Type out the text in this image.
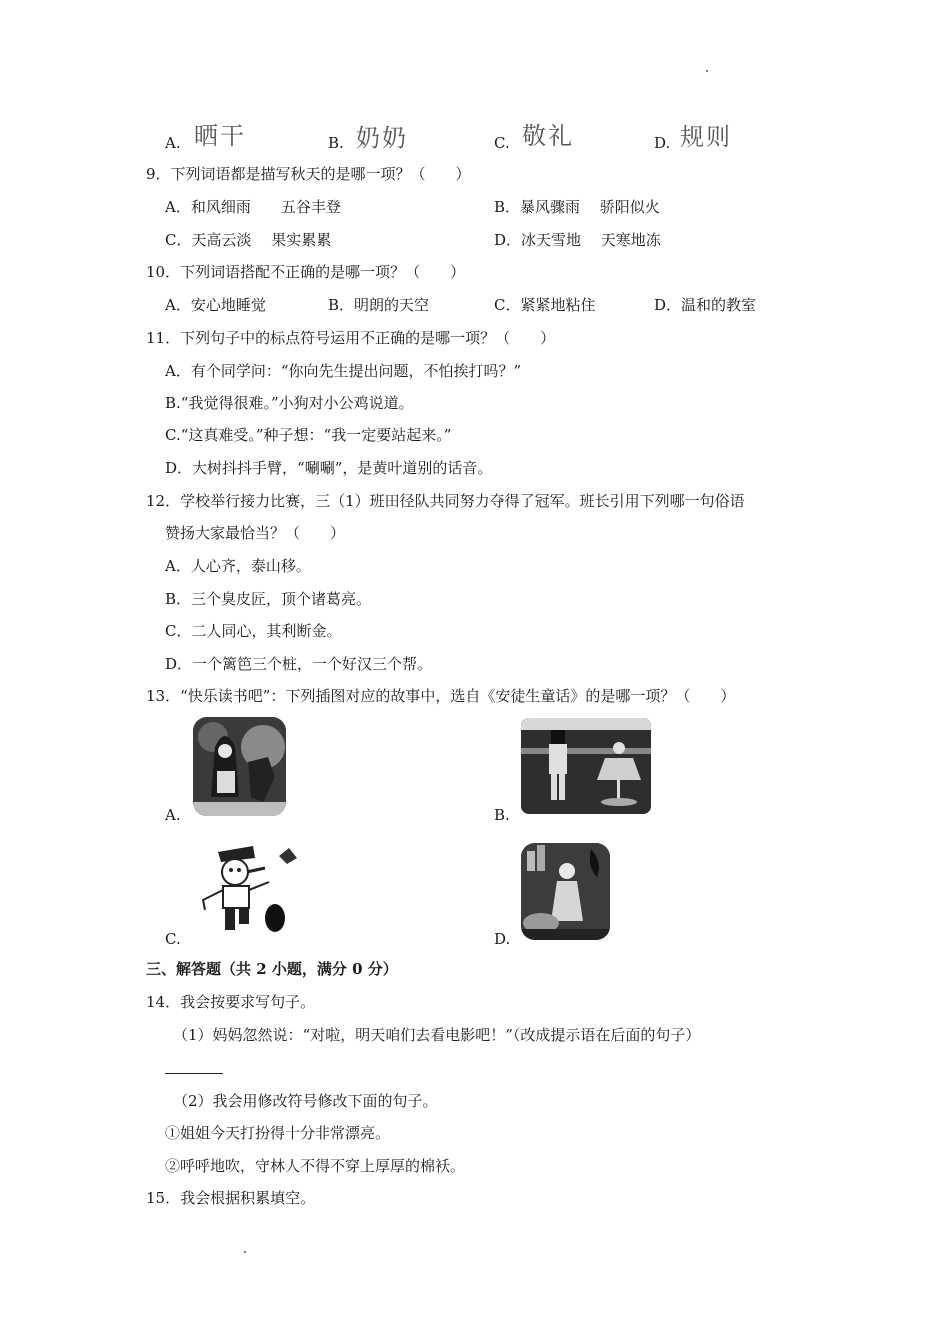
A. 晒干	B. 奶奶	C. 敬礼	D. 规则
9．下列词语都是描写秋天的是哪一项？（　　）
A．和风细雨　　五谷丰登	B．暴风骤雨　 骄阳似火
C．天高云淡　 果实累累	D．冰天雪地　 天寒地冻
10．下列词语搭配不正确的是哪一项？（　　）
A．安心地睡觉	B．明朗的天空	C．紧紧地粘住	D．温和的教室
11．下列句子中的标点符号运用不正确的是哪一项？（　　）
A．有个同学问：“你向先生提出问题，不怕挨打吗？”
B.“我觉得很难。”小狗对小公鸡说道。
C.“这真难受。”种子想：“我一定要站起来。”
D．大树抖抖手臂，“唰唰”，是黄叶道别的话音。
12．学校举行接力比赛，三（1）班田径队共同努力夺得了冠军。班长引用下列哪一句俗语
赞扬大家最恰当？（　　）
A．人心齐，泰山移。
B．三个臭皮匠，顶个诸葛亮。
C．二人同心，其利断金。
D．一个篱笆三个桩，一个好汉三个帮。
13．“快乐读书吧”：下列插图对应的故事中，选自《安徒生童话》的是哪一项？（　　）
A.	B.
C.	D.
三、解答题（共 2 小题，满分 0 分）
14．我会按要求写句子。
（1）妈妈忽然说：“对啦，明天咱们去看电影吧！”（改成提示语在后面的句子）
（2）我会用修改符号修改下面的句子。
①姐姐今天打扮得十分非常漂亮。
②呼呼地吹，守林人不得不穿上厚厚的棉袄。
15．我会根据积累填空。
